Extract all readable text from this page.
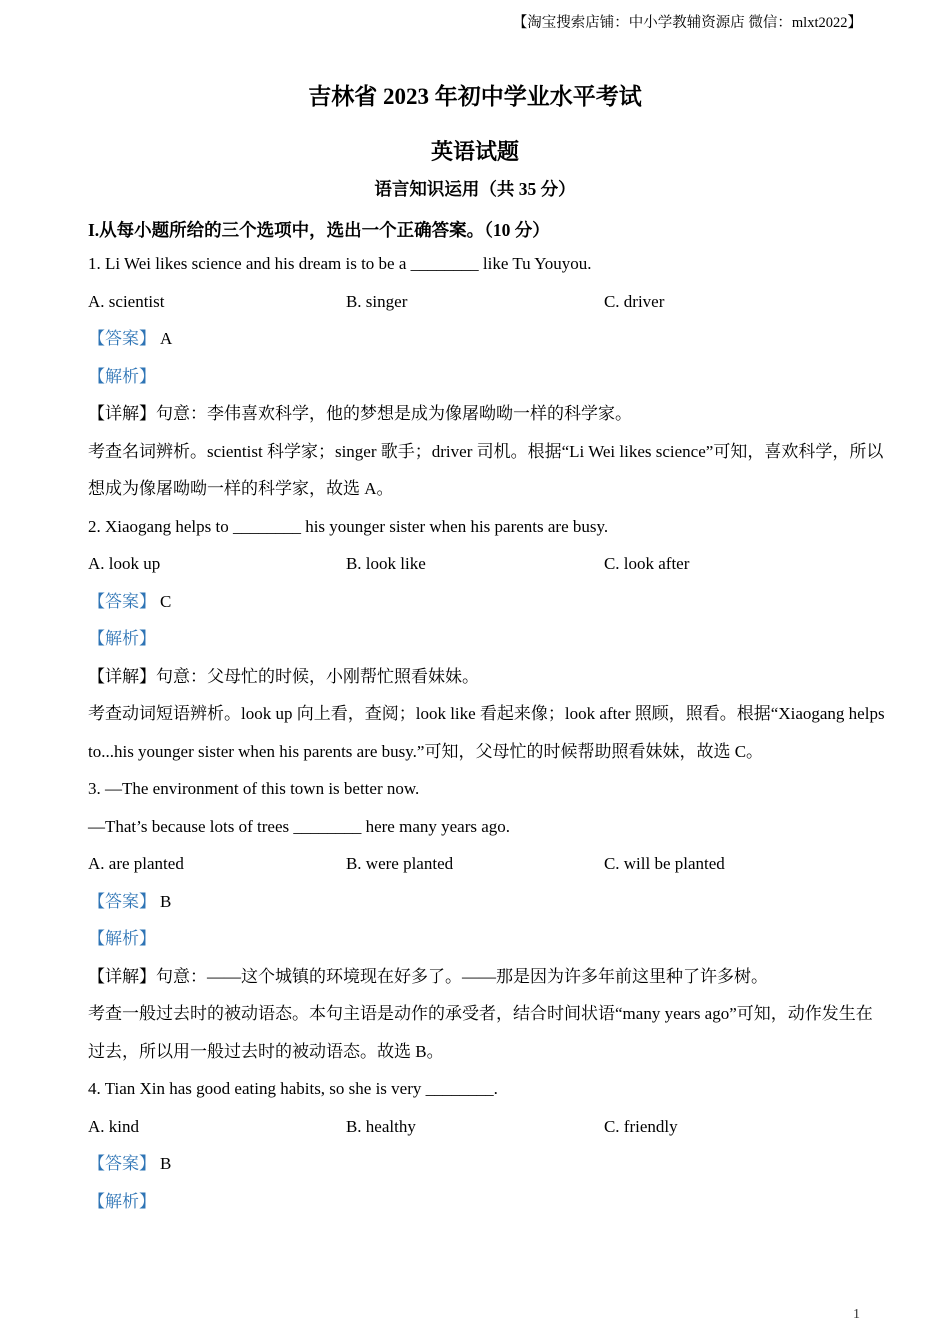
【淘宝搜索店铺：中小学教辅资源店 微信：mlxt2022】
吉林省 2023 年初中学业水平考试
英语试题
语言知识运用（共 35 分）

I.从每小题所给的三个选项中，选出一个正确答案。（10 分）

1. Li Wei likes science and his dream is to be a ________ like Tu Youyou.

A. scientist	B. singer	C. driver

【答案】 A

【解析】

【详解】句意：李伟喜欢科学，他的梦想是成为像屠呦呦一样的科学家。

考查名词辨析。scientist 科学家；singer 歌手；driver 司机。根据“Li Wei likes science”可知，喜欢科学，所以

想成为像屠呦呦一样的科学家，故选 A。

2. Xiaogang helps to ________ his younger sister when his parents are busy.

A. look up	B. look like	C. look after

【答案】 C

【解析】

【详解】句意：父母忙的时候，小刚帮忙照看妹妹。

考查动词短语辨析。look up 向上看，查阅；look like 看起来像；look after 照顾，照看。根据“Xiaogang helps

to...his younger sister when his parents are busy.”可知，父母忙的时候帮助照看妹妹，故选 C。

3. —The environment of this town is better now.

—That’s because lots of trees ________ here many years ago.

A. are planted	B. were planted	C. will be planted

【答案】 B

【解析】

【详解】句意：——这个城镇的环境现在好多了。——那是因为许多年前这里种了许多树。

考查一般过去时的被动语态。本句主语是动作的承受者，结合时间状语“many years ago”可知，动作发生在

过去，所以用一般过去时的被动语态。故选 B。

4. Tian Xin has good eating habits, so she is very ________.

A. kind	B. healthy	C. friendly

【答案】 B

【解析】

1
